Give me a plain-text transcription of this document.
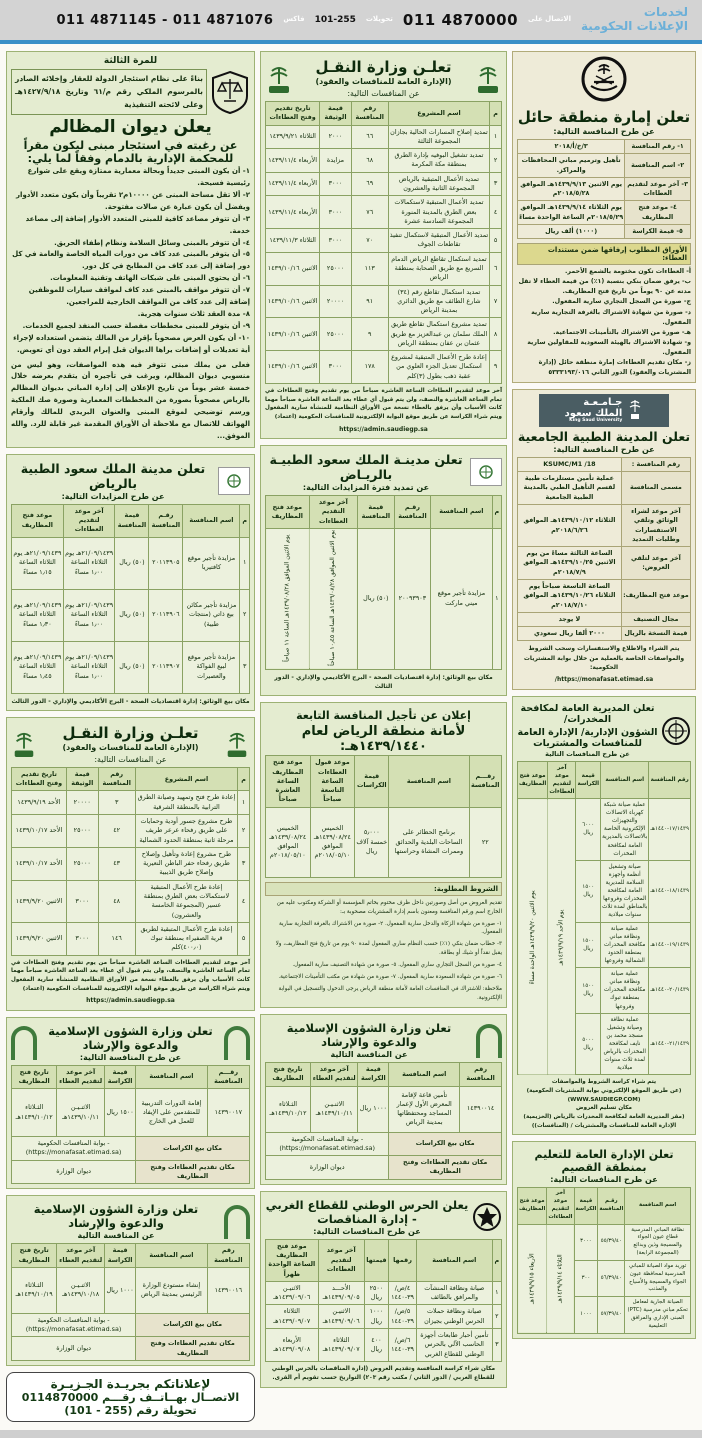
لخدمات
الإعلانات الحكومية
الاتصال على
011 4870000
تحويلات
101-255
فاكس
011 4871145 - 011 4871076
تعلن إمارة منطقة حائل
عن طرح المنافسة التالية:
١- رقم المنافسة	٣/خ/أ/٢٠١٨
٢- اسم المنافسة	تأهيل وترميم مباني المحافظات والمراكز.
٣- آخر موعد لتقديم العطاءات	يوم الاثنين ١٤٣٩/٩/١٣هـ الموافق ٢٠١٨/٥/٢٨م
٤- موعد فتح المظاريف	يوم الثلاثاء ١٤٣٩/٩/١٤هـ الموافق ٢٠١٨/٥/٢٩م الساعة الواحدة مساءً
٥- قيمة الكراسة	(١٠٠٠) ألف ريال
الأوراق المطلوب إرفاقها ضمن مستندات العطاء:
أ- العطاءات تكون مختومة بالشمع الأحمر.
ب- يرفق ضمان بنكي بنسبة (١٪) من قيمة العطاء لا تقل مدته عن ٩٠ يوماً من تاريخ فتح المظاريف.
ج- صورة من السجل التجاري سارية المفعول.
د- صورة من شهادة الاشتراك بالغرفة التجارية سارية المفعول.
هـ- صورة من الاشتراك بالتأمينات الاجتماعية.
و- شهادة الاشتراك بالهيئة السعودية للمقاولين سارية المفعول.
ز- مكان تقديم العطاءات إمارة منطقة حائل (إدارة المشتريات والعقود) الدور الثاني ٥٣٣٣١٩٣/٠١٦
جـامـعـة
الملك سعود
King Saud University
تعلن المدينة الطبية الجامعية
عن طرح المنافسة التالية:
رقم المنافسة :	KSUMC/M1 /18
مسمى المنافسة	عملية تأمين مستلزمات طبية لقسم التأهيل الطبي بالمدينة الطبية الجامعية
آخر موعد لشراء الوثائق وتلقي الاستفسارات وطلبات التمديد	الثلاثاء ١٤٣٩/١٠/١٢هـ الموافق ٢٠١٨/٦/٢٦م
آخر موعد لتلقي العروض:	الساعة الثالثة مساءً من يوم الاثنين ١٤٣٩/١٠/٢٥هـ الموافق ٢٠١٨/٧/٩م
موعد فتح المظاريف:	الساعة التاسعة صباحاً يوم الثلاثاء ١٤٣٩/١٠/٢٦هـ الموافق ٢٠١٨/٧/١٠م
مجال التصنيف	لا يوجد
قيمة النسخة بالريال	٢٠٠٠ ألفا ريال سعودي
يتم الشراء والاطلاع والاستفسارات وسحب الشروط والمواصفات الخاصة بالعملية من خلال بوابة المشتريات الحكومية:
/https://monafasat.etimad.sa
تعلن المديرية العامة لمكافحة المخدرات/
الشؤون الإدارية/ الإدارة العامة للمنافسات والمشتريات
عن طرح المنافسات التالية
رقم المنافسة	اسم المنافسة	قيمة الكراسة	آخر موعد لتقديم العطاءات	موعد فتح المظاريف
١٧/١٤٣٩-١٤٤٠هـ	عملية صيانة شبكة كهرباء الاتصالات والتجهيزات الإلكترونية الخاصة بالاتصالات بالمديرية العامة لمكافحة المخدرات	٦٠٠٠ ريال	يوم الأحد ١٤٣٩/٩/١٩هـ	يوم الاثنين ١٤٣٩/٩/٢٠هـ الواحدة مساءً
١٨/١٤٣٩-١٤٤٠هـ	صيانة وتشغيل أنظمة وأجهزة السلامة للمديرية العامة لمكافحة المخدرات وفروعها بالمناطق لمدة ثلاث سنوات ميلادية	١٥٠٠ ريال		
١٩/١٤٣٩-١٤٤٠هـ	عملية صيانة ونظافة مباني مكافحة المخدرات بمنطقة الحدود الشمالية وفروعها	١٥٠٠ ريال		
٢٠/١٤٣٩-١٤٤٠هـ	عملية صيانة ونظافة مباني مكافحة المخدرات بمنطقة تبوك وفروعها	١٥٠٠ ريال		
٢١/١٤٣٩-١٤٤٠هـ	عملية نظافة وصيانة وتشغيل مسجد محمد بن نايف لمكافحة المخدرات بالرياض لمدة ثلاث سنوات ميلادية	٥٠٠٠ ريال		
يتم شراء كراسة الشروط والمواصفات
(عن طريق الموقع الإلكتروني بوابة المشتريات الحكومية) (WWW.SAUDIEGP.COM)
مكان تسليم العروض
(مقر المديرية العامة لمكافحة المخدرات بالرياض (الخزيمية) الإدارة العامة للمنافسات والمشتريات / (المنافسات))
تعلن الإدارة العامة للتعليم بمنطقة القصيم
عن طرح المنافسات التالية:
اسم المنافسة	رقـم المنافسة	قيمة الكراسة	آخر موعد لتقديم العطاءات	موعد فتح المظاريف
نظافة المباني المدرسية قطاع عيون الجواء والمسيجة وذين وبدائع (المجموعة الرابعة)	٥٥/٣٩/٤٠	٣٠٠٠	الثلاثاء ١٤٣٩/٩/١٤هـ	الأربعاء ١٤٣٩/٩/١٥هـ
توريد مواد الصيانة للمباني المدرسية لمحافظة عيون الجواء والمسيجة والأسياح والمذنب	٥٦/٣٩/٤٠	٣٠٠		
الصيانة الجارية لمعامل تحكم مباني مدرسية (PTC) المبنى الإداري والمرافق التعليمية	٥٧/٣٩/٤٠	١٠٠٠		
تعلـن وزارة النقـل
(الإدارة العامة للمنافسات والعقود)
عن المنافسات التالية:
م	اسم المشروع	رقم المنافسة	قيمة الوثيقة	تاريخ تقديم وفتح العطاءات
١	تمديد إصلاح المسارات الحالية بجازان المجموعة الثالثة	٦٦	٢٠٠٠	الثلاثاء ١٤٣٩/٩/٢١
٢	تمديد تشغيل البوفيه بإدارة الطرق بمنطقة مكة المكرمة	٦٨	مزايدة	الأربعاء ١٤٣٩/١١/٤
٣	تمديد الأعمال المتبقية بالرياض المجموعة الثانية والعشرون	٦٩	٣٠٠٠	الأربعاء ١٤٣٩/١١/٤
٤	تمديد الأعمال المتبقية لاستكمالات بعض الطرق بالمدينة المنورة المجموعة السادسة عشرة	٧٦	٣٠٠٠	الأربعاء ١٤٣٩/١١/٤
٥	تمديد الأعمال المتبقية لاستكمال تنفيذ تقاطعات الجوف	٧٠	٣٠٠٠	الثلاثاء ١٤٣٩/١١/٣
٦	تمديد استكمال تقاطع الرياض الدمام السريع مع طريق الصحابة بمنطقة الرياض	١١٣	٢٥٠٠٠	الاثنين ١٤٣٩/١٠/١٦
٧	تمديد استكمال تقاطع رقم (٣٤) شارع الطائف مع طريق الدائري بمدينة الرياض	٩١	٢٠٠٠٠	الاثنين ١٤٣٩/١٠/١٦
٨	تمديد مشروع استكمال تقاطع طريق الملك سلمان بن عبدالعزيز مع طريق عثمان بن عفان بمنطقة الرياض	٩	٢٥٠٠٠	الاثنين ١٤٣٩/١٠/١٦
٩	إعادة طرح الأعمال المتبقية لمشروع استكمال تعديل الجزء العلوي من عقبة ذهب بطول (٣)كلم	١٧٨	٣٠٠٠	الاثنين ١٤٣٩/١٠/١٦
آخر موعد لتقديم العطاءات الساعة العاشرة صباحاً من يوم تقديم وفتح العطاءات في تمام الساعة العاشرة والنصف، ولن يتم قبول أي عطاء بعد الساعة العاشرة صباحاً مهما كانت الأسباب وأن يرفق بالعطاء نسخة من الأوراق النظامية للمنشأة سارية المفعول ويتم شراء الكراسة عن طريق موقع البوابة الإلكترونية للمنافسات الحكومية (اعتماد)
https://admin.saudiegp.sa
تعلن مدينـة الملك سعود الطبيـة بالريـاض
عن تمديد فترة المزايدات التالية:
م	اسم المنافسة	رقـم المنافسة	قيمة المنافسة	آخر موعد التقديم العطاءات	موعد فتح المظاريف
١	مزايدة تأجير موقع ميني ماركت	٢٠٠٩٣٩٠٣	(٥٠) ريال	يوم الاثنين الموافق ١٤٣٩/٠٨/٢٨هـ الساعة ١٠٫٤٥ صباحاً	يوم الاثنين الموافق ١٤٣٩/٠٨/٢٨هـ الساعة ١١ صباحاً
مكان بيع الوثائق: إدارة اقتصاديات الصحة - البرج الأكاديمي والإداري - الدور الثالث
إعلان عن تأجيل المنافسة التابعة
لأمانة منطقة الرياض لعام ١٤٣٩/١٤٤٠هـ:
رقـــم المنافسة	اسم المنافسة	قيمة الكراسات	موعد قبول العطاءات الساعة التاسعة صباحاً	موعد فتح المظاريف الساعة العاشرة صباحاً
٢٢	برنامج الحظائر على الساحات البلدية والحدائق وممرات المشاة وحراستها	٥٫٠٠٠ خمسة آلاف ريال	الخميس ١٤٣٩/٠٨/٢٤هـ الموافق ٢٠١٨/٠٥/١٠م	الخميس ١٤٣٩/٠٨/٢٤هـ الموافق ٢٠١٨/٠٥/١٠م
الشروط المطلوبة:
تقديم العروض من أصل وصورتين داخل ظرف مختوم بخاتم المؤسسة أو الشركة ومكتوب عليه من الخارج اسم ورقم المنافسة ومعنون باسم إدارة المشتريات مصحوبة بـ:
١- صورة من شهادة الزكاة والدخل سارية المفعول. ٢- صورة من الاشتراك بالغرفة التجارية سارية المفعول.
٣- خطاب ضمان بنكي (١٪) حسب النظام ساري المفعول لمدة ٩٠ يوم من تاريخ فتح المظاريف، ولا يقبل نقداً أو شيك أو بطاقة.
٤- صورة من السجل التجاري ساري المفعول. ٥- صورة من شهادة التصنيف سارية المفعول.
٦- صورة من شهادة السعودة سارية المفعول. ٧- صورة من شهادة من مكتب التأمينات الاجتماعية.
ملاحظة: للاشتراك في المنافسات العامة لأمانة منطقة الرياض يرجى الدخول والتسجيل في البوابة الإلكترونية.
تعلن وزارة الشؤون الإسلامية والدعوة والإرشاد
عن المنافسة التالية
رقم المنافسة	اسم المنافسة	قيمة الكراسة	آخر موعد لتقديم العطاء	تاريخ فتح المظاريف
١٤٣٩٠٠١٤	تأمين قاعة لإقامة المعرض الأول لإعمار المساجد ومحتفظاتها بمدينة الرياض	١٠٠٠ ريال	الاثنـيـن ١٤٣٩/١٠/١١هـ	الثـلاثاء ١٤٣٩/١٠/١٢هـ
مكان بيع الكراسات		- بوابة المنافسات الحكومية (https://monafasat.etimad.sa)		
مكان تقديم العطاءات وفتح المظاريف		ديوان الوزارة		
يعلن الحرس الوطني للقطاع الغربي - إدارة المناقصات
عن طرح المنافسات التالية:
م	اسم المنافسة	رقمها	قيمتها	آخر موعد لتقديم العطاءات	موعد فتح المظاريف الساعة الواحدة ظهراً
١	صيانة ونظافة المنشآت والمرافق بالطائف	٤/ص/٣٩-١٤٤٠	٢٥٠٠ ريال	الأحـــد ١٤٣٩/٠٩/٠٥هـ	الاثنيـن ١٤٣٩/٠٩/٠٦هـ
٢	صيانة ونظافة حملات الحرس الوطني بجيزان	٥/ص/٣٩-١٤٤٠	١٠٠٠ ريال	الاثنيـن ١٤٣٩/٠٩/٠٦هـ	الثلاثاء ١٤٣٩/٠٩/٠٧هـ
٣	تأمين أحبار طابعات أجهزة الحاسب الآلي بالحرس الوطني للقطاع الغربي	٦/ص/٣٩-١٤٤٠	٤٠٠ ريال	الثلاثاء ١٤٣٩/٠٩/٠٧هـ	الأربعاء ١٤٣٩/٠٩/٠٨هـ
مكان شراء كراسة المنافسة وتقديم العروض (إدارة المناقصات بالحرس الوطني للقطاع الغربي / الدور الثاني / مكتب رقم ٢٠٣) التواريخ حسب تقويم أم القرى.
للمرة الثالثة
بناءً على نظام استئجار الدولة للعقار وإخلائه الصادر بالمرسوم الملكي رقم م/٦١ وتاريخ ١٤٢٧/٩/١٨هـ وعلى لائحته التنفيذية
يعلن ديوان المظالم
عن رغبته في استئجار مبنى ليكون مقراً للمحكمة الإدارية بالدمام وفقاً لما يلي:
١- أن يكون المبنى جديداً وبحالة معمارية ممتازة ويقع على شوارع رئيسية فسيحة.
٢- ألا تقل مساحة المبنى عن ١٠٠٠٠م٢ تقريباً وأن يكون متعدد الأدوار ويفضل أن يكون عبارة عن صالات مفتوحة.
٣- أن تتوفر مصاعد كافية للمبنى المتعدد الأدوار إضافة إلى مصاعد خدمة.
٤- أن تتوفر بالمبنى وسائل السلامة ونظام إطفاء الحريق.
٥- أن يتوفر بالمبنى عدد كاف من دورات المياه الخاصة والعامة في كل دور إضافة إلى عدد كاف من المطابخ في كل دور.
٦- أن يحتوي المبنى على شبكات الهاتف وتقنية المعلومات.
٧- أن تتوفر مواقف بالمبنى عدد كاف لمواقف سيارات للموظفين إضافة إلى عدد كاف من المواقف الخارجية للمراجعين.
٨- مدة العقد ثلاث سنوات هجرية.
٩- أن يتوفر للمبنى مخططات مفصلة حسب المنفذ لجميع الخدمات.
١٠- أن يكون العرض مصحوباً بإقرار من المالك يتضمن استعداده لإجراء أية تعديلات أو إضافات يراها الديوان قبل إبرام العقد دون أي تعويض.
فعلى من يملك مبنى تتوفر فيه هذه المواصفات، وهو ليس من منسوبي ديوان المظالم، ويرغب في تأجيره أن يتقدم بعرضه خلال خمسة عشر يوماً من تاريخ الإعلان إلى إدارة المباني بديوان المظالم بالرياض مصحوباً بصورة من المخططات المعمارية وصورة صك الملكية ورسم توضيحي لموقع المبنى والعنوان البريدي للمالك وأرقام الهواتف للاتصال مع ملاحظة أن الأوراق المقدمة غير قابلة للرد. والله الموفق...
تعلن مدينة الملك سعود الطبية بالرياض
عن طرح المزايدات التالية:
م	اسم المنافسة	رقـم المنافسة	قيمة المنافسة	آخر موعد لتقديم العطاءات	موعد فتح المظاريف
١	مزايدة تأجير موقع كافتيريا	٢٠١١٣٩٠٥	(٥٠) ريال	٢١/٠٩/١٤٣٩هـ يوم الثلاثاء الساعة ١٫٠٠ مساءً	٢١/٠٩/١٤٣٩هـ يوم الثلاثاء الساعة ١٫١٥ مساءً
٢	مزايدة تأجير مكائن بيع ذاتي (منتجات طبية)	٢٠١١٣٩٠٦	(٥٠) ريال	٢١/٠٩/١٤٣٩هـ يوم الثلاثاء الساعة ١٫٠٠ مساءً	٢١/٠٩/١٤٣٩هـ يوم الثلاثاء الساعة ١٫٣٠ مساءً
٣	مزايدة تأجير موقع لبيع الفواكة والعصيرات	٢٠١١٣٩٠٧	(٥٠) ريال	٢١/٠٩/١٤٣٩هـ يوم الثلاثاء الساعة ١٫٠٠ مساءً	٢١/٠٩/١٤٣٩هـ يوم الثلاثاء الساعة ١٫٤٥ مساءً
مكان بيع الوثائق: إدارة اقتصاديات الصحة - البرج الأكاديمي والإداري - الدور الثالث
تعلـن وزارة النقـل
(الإدارة العامة للمنافسات والعقود)
عن المنافسات التالية:
م	اسم المشروع	رقم المنافسة	قيمة الوثيقة	تاريخ تقديم وفتح العطاءات
١	إعادة طرح فتح وتمهيد وصيانة الطرق الترابية بالمنطقة الشرقية	٣	٢٠٠٠٠	الأحد ١٤٣٩/٩/١٩
٢	طرح مشروع جسور أودية وحمايات على طريق رفحاء عرعر طريف مرحلة ثانية بمنطقة الحدود الشمالية	٤٢	٢٥٠٠٠	الأحد ١٤٣٩/١٠/١٧
٣	طرح مشروع إعادة وتأهيل وإصلاح طريق رفحاء حفر الباطن النعيرية وإصلاح طريق الذيبية	٤٣	٢٥٠٠٠	الأحد ١٤٣٩/١٠/١٧
٤	إعادة طرح الأعمال المتبقية لاستكمالات بعض الطرق بمنطقة عسير (المجموعة الخامسة والعشرون)	٤٨	٣٠٠٠	الاثنين ١٤٣٩/٩/٢٠
٥	إعادة طرح الأعمال المتبقية لطريق قرية الصفيراء بمنطقة تبوك (٤٠٠٫٠)كلم	١٤٦	٣٠٠٠	الاثنين ١٤٣٩/٩/٢٠
آخر موعد لتقديم العطاءات الساعة العاشرة صباحاً من يوم تقديم وفتح العطاءات في تمام الساعة العاشرة والنصف، ولن يتم قبول أي عطاء بعد الساعة العاشرة صباحاً مهما كانت الأسباب وأن يرفق بالعطاء نسخة من الأوراق النظامية للمنشأة سارية المفعول ويتم شراء الكراسة عن طريق موقع البوابة الإلكترونية للمنافسات الحكومية (اعتماد)
https://admin.saudiegp.sa
تعلن وزارة الشؤون الإسلامية والدعوة والإرشاد
عن طرح المنافسة التالية:
رقـــم المنافسة	اسم المنافسة	قيمة الكراسة	آخر موعد لتقديم العطاء	تاريخ فتح المظاريف
١٤٣٩٠٠١٧	إقامة الدورات التدريبية للمتقدمين على الإيفاد للعمل في الخارج	١٥٠٠ ريال	الاثنـيـن ١٤٣٩/١٠/١١هـ	الثـلاثاء ١٤٣٩/١٠/١٢هـ
مكان بيع الكراسات		- بوابة المنافسات الحكومية (https://monafasat.etimad.sa)		
مكان تقديم العطاءات وفتح المظاريف		ديوان الوزارة		
تعلن وزارة الشؤون الإسلامية والدعوة والإرشاد
عن المنافسة التالية
رقم المنافسة	اسم المنافسة	قيمة الكراسة	آخر موعد لتقديم العطاء	تاريخ فتح المظاريف
١٤٣٩٠٠١٦	إنشاء مستودع الوزارة الرئيسي بمدينة الرياض	١٠٠٠ ريال	الاثنـيـن ١٤٣٩/١٠/١٨هـ	الثـلاثاء ١٤٣٩/١٠/١٩هـ
مكان بيع الكراسات		- بوابة المنافسات الحكومية (https://monafasat.etimad.sa)		
مكان تقديم العطاءات وفتح المظاريف		ديوان الوزارة		
لإعلاناتكم بجريـدة الجـزيـرة
الاتصــال بهــاتــف رقـــم 0114870000 تحويلة رقم (255 - 101)
